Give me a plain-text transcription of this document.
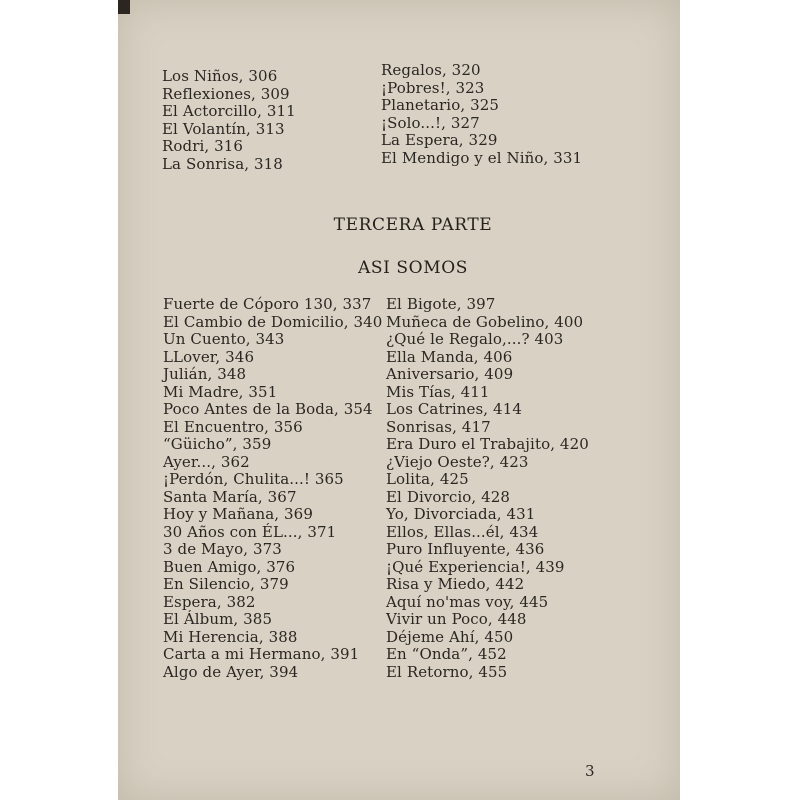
Los Niños, 306
Reflexiones, 309
El Actorcillo, 311
El Volantín, 313
Rodri, 316
La Sonrisa, 318
Regalos, 320
¡Pobres!, 323
Planetario, 325
¡Solo...!, 327
La Espera, 329
El Mendigo y el Niño, 331
TERCERA PARTE
ASI SOMOS
Fuerte de Cóporo 130, 337
El Cambio de Domicilio, 340
Un Cuento, 343
LLover, 346
Julián, 348
Mi Madre, 351
Poco Antes de la Boda, 354
El Encuentro, 356
“Güicho”, 359
Ayer..., 362
¡Perdón, Chulita...! 365
Santa María, 367
Hoy y Mañana, 369
30 Años con ÉL..., 371
3 de Mayo, 373
Buen Amigo, 376
En Silencio, 379
Espera, 382
El Álbum, 385
Mi Herencia, 388
Carta a mi Hermano, 391
Algo de Ayer, 394
El Bigote, 397
Muñeca de Gobelino, 400
¿Qué le Regalo,...? 403
Ella Manda, 406
Aniversario, 409
Mis Tías, 411
Los Catrines, 414
Sonrisas, 417
Era Duro el Trabajito, 420
¿Viejo Oeste?, 423
Lolita, 425
El Divorcio, 428
Yo, Divorciada, 431
Ellos, Ellas...él, 434
Puro Influyente, 436
¡Qué Experiencia!, 439
Risa y Miedo, 442
Aquí no'mas voy, 445
Vivir un Poco, 448
Déjeme Ahí, 450
En “Onda”, 452
El Retorno, 455
3
